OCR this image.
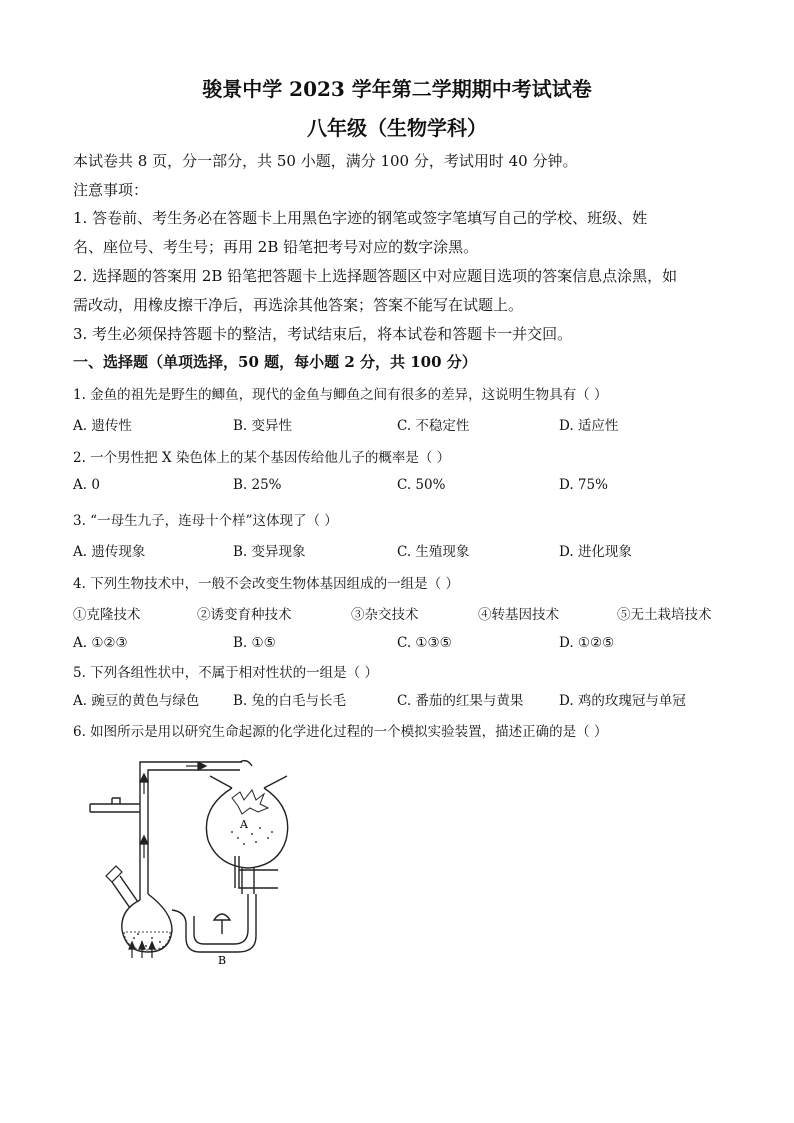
骏景中学 2023 学年第二学期期中考试试卷
八年级（生物学科）
本试卷共 8 页，分一部分，共 50 小题，满分 100 分，考试用时 40 分钟。
注意事项：
1. 答卷前、考生务必在答题卡上用黑色字迹的钢笔或签字笔填写自己的学校、班级、姓
名、座位号、考生号；再用 2B 铅笔把考号对应的数字涂黑。
2. 选择题的答案用 2B 铅笔把答题卡上选择题答题区中对应题目选项的答案信息点涂黑，如
需改动，用橡皮擦干净后，再选涂其他答案；答案不能写在试题上。
3. 考生必须保持答题卡的整洁，考试结束后，将本试卷和答题卡一并交回。
一、选择题（单项选择，50 题，每小题 2 分，共 100 分）
1. 金鱼的祖先是野生的鲫鱼，现代的金鱼与鲫鱼之间有很多的差异，这说明生物具有（ ）
A. 遗传性	B. 变异性	C. 不稳定性	D. 适应性
2. 一个男性把 X 染色体上的某个基因传给他儿子的概率是（ ）
A. 0	B. 25%	C. 50%	D. 75%
3. “一母生九子，连母十个样”这体现了（ ）
A. 遗传现象	B. 变异现象	C. 生殖现象	D. 进化现象
4. 下列生物技术中，一般不会改变生物体基因组成的一组是（ ）
①克隆技术	②诱变育种技术	③杂交技术	④转基因技术	⑤无土栽培技术
A. ①②③	B. ①⑤	C. ①③⑤	D. ①②⑤
5. 下列各组性状中，不属于相对性状的一组是（ ）
A. 豌豆的黄色与绿色 B. 兔的白毛与长毛	C. 番茄的红果与黄果	D. 鸡的玫瑰冠与单冠
6. 如图所示是用以研究生命起源的化学进化过程的一个模拟实验装置，描述正确的是（ ）
A
B
